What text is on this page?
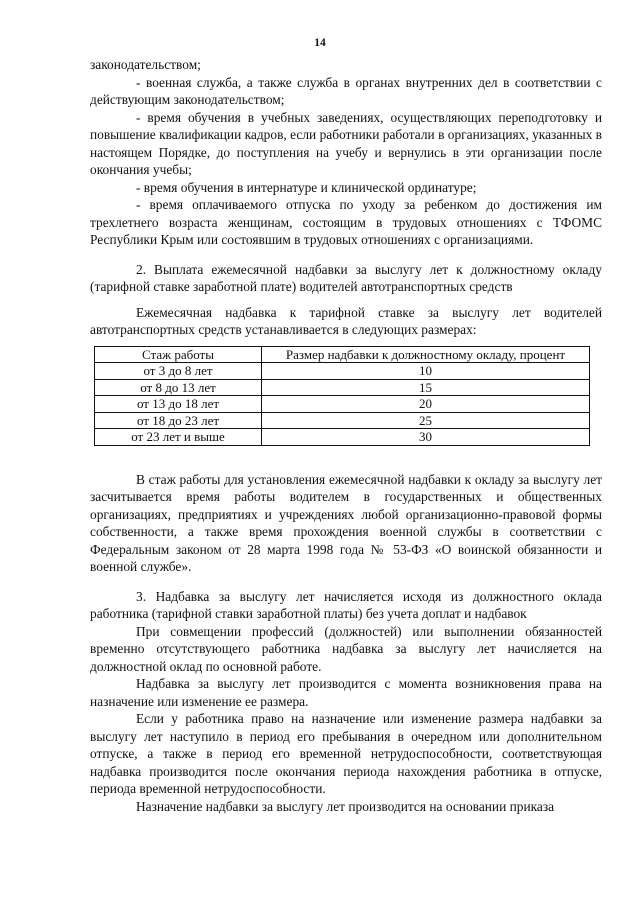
14

законодательством;

- военная служба, а также служба в органах внутренних дел в соответствии с действующим законодательством;

- время обучения в учебных заведениях, осуществляющих переподготовку и повышение квалификации кадров, если работники работали в организациях, указанных в настоящем Порядке, до поступления на учебу и вернулись в эти организации после окончания учебы;

- время обучения в интернатуре и клинической ординатуре;

- время оплачиваемого отпуска по уходу за ребенком до достижения им трехлетнего возраста женщинам, состоящим в трудовых отношениях с ТФОМС Республики Крым или состоявшим в трудовых отношениях с организациями.

2. Выплата ежемесячной надбавки за выслугу лет к должностному окладу (тарифной ставке заработной плате) водителей автотранспортных средств

Ежемесячная надбавка к тарифной ставке за выслугу лет водителей автотранспортных средств устанавливается в следующих размерах:

Стаж работы	Размер надбавки к должностному окладу, процент
от 3 до 8 лет	10
от 8 до 13 лет	15
от 13 до 18 лет	20
от 18 до 23 лет	25
от 23 лет и выше	30

В стаж работы для установления ежемесячной надбавки к окладу за выслугу лет засчитывается время работы водителем в государственных и общественных организациях, предприятиях и учреждениях любой организационно-правовой формы собственности, а также время прохождения военной службы в соответствии с Федеральным законом от 28 марта 1998 года № 53-ФЗ «О воинской обязанности и военной службе».

3. Надбавка за выслугу лет начисляется исходя из должностного оклада работника (тарифной ставки заработной платы) без учета доплат и надбавок

При совмещении профессий (должностей) или выполнении обязанностей временно отсутствующего работника надбавка за выслугу лет начисляется на должностной оклад по основной работе.

Надбавка за выслугу лет производится с момента возникновения права на назначение или изменение ее размера.

Если у работника право на назначение или изменение размера надбавки за выслугу лет наступило в период его пребывания в очередном или дополнительном отпуске, а также в период его временной нетрудоспособности, соответствующая надбавка производится после окончания периода нахождения работника в отпуске, периода временной нетрудоспособности.

Назначение надбавки за выслугу лет производится на основании приказа
